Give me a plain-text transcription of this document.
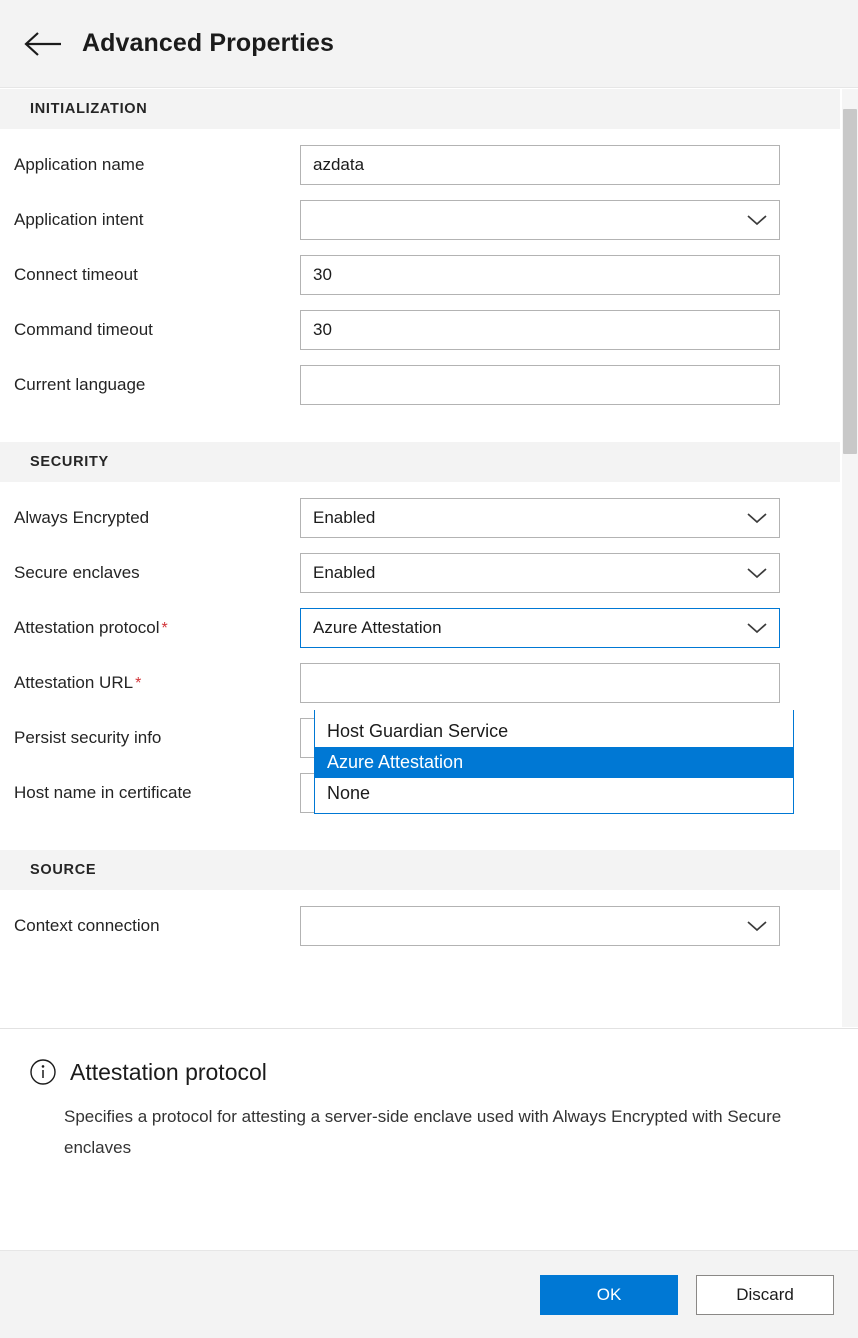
Advanced Properties
INITIALIZATION
Application name	azdata
Application intent
Connect timeout	30
Command timeout	30
Current language
SECURITY
Always Encrypted	Enabled
Secure enclaves	Enabled
Attestation protocol *	Azure Attestation
Attestation URL *
Persist security info
Host name in certificate
SOURCE
Context connection
Host Guardian Service
Azure Attestation
None
Attestation protocol
Specifies a protocol for attesting a server-side enclave used with Always Encrypted with Secure enclaves
OK	Discard
